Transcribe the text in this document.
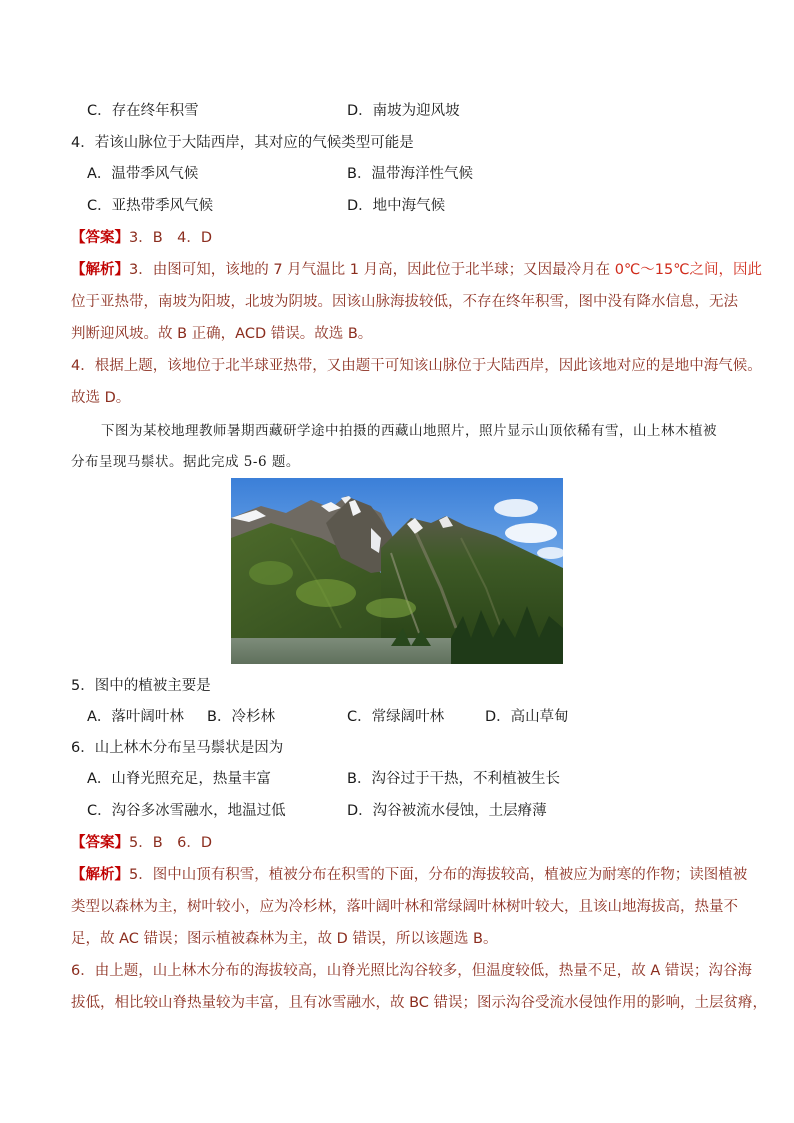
C．存在终年积雪	D．南坡为迎风坡
4．若该山脉位于大陆西岸，其对应的气候类型可能是
A．温带季风气候	B．温带海洋性气候
C．亚热带季风气候	D．地中海气候
【答案】3．B　4．D
【解析】3．由图可知，该地的 7 月气温比 1 月高，因此位于北半球；又因最冷月在 0℃～15℃之间，因此
位于亚热带，南坡为阳坡，北坡为阴坡。因该山脉海拔较低，不存在终年积雪，图中没有降水信息，无法
判断迎风坡。故 B 正确，ACD 错误。故选 B。
4．根据上题，该地位于北半球亚热带，又由题干可知该山脉位于大陆西岸，因此该地对应的是地中海气候。
故选 D。
下图为某校地理教师暑期西藏研学途中拍摄的西藏山地照片，照片显示山顶依稀有雪，山上林木植被
分布呈现马鬃状。据此完成 5-6 题。
5．图中的植被主要是
A．落叶阔叶林 B．冷杉林	C．常绿阔叶林	D．高山草甸
6．山上林木分布呈马鬃状是因为
A．山脊光照充足，热量丰富	B．沟谷过于干热，不利植被生长
C．沟谷多冰雪融水，地温过低	D．沟谷被流水侵蚀，土层瘠薄
【答案】5．B　6．D
【解析】5．图中山顶有积雪，植被分布在积雪的下面，分布的海拔较高，植被应为耐寒的作物；读图植被
类型以森林为主，树叶较小，应为冷杉林，落叶阔叶林和常绿阔叶林树叶较大，且该山地海拔高，热量不
足，故 AC 错误；图示植被森林为主，故 D 错误，所以该题选 B。
6．由上题，山上林木分布的海拔较高，山脊光照比沟谷较多，但温度较低，热量不足，故 A 错误；沟谷海
拔低，相比较山脊热量较为丰富，且有冰雪融水，故 BC 错误；图示沟谷受流水侵蚀作用的影响，土层贫瘠，
